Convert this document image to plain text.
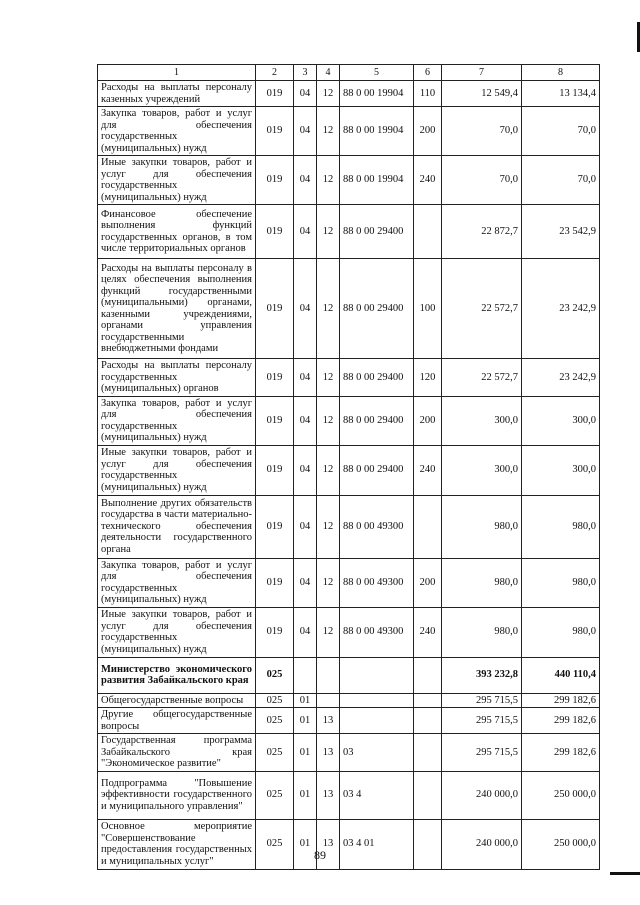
1	2	3	4	5	6	7	8
Расходы на выплаты персоналу казенных учреждений	019	04	12	88 0 00 19904	110	12 549,4	13 134,4
Закупка товаров, работ и услуг для обеспечения государственных (муниципальных) нужд	019	04	12	88 0 00 19904	200	70,0	70,0
Иные закупки товаров, работ и услуг для обеспечения государственных (муниципальных) нужд	019	04	12	88 0 00 19904	240	70,0	70,0
Финансовое обеспечение выполнения функций государственных органов, в том числе территориальных органов	019	04	12	88 0 00 29400		22 872,7	23 542,9
Расходы на выплаты персоналу в целях обеспечения выполнения функций государственными (муниципальными) органами, казенными учреждениями, органами управления государственными внебюджетными фондами	019	04	12	88 0 00 29400	100	22 572,7	23 242,9
Расходы на выплаты персоналу государственных (муниципальных) органов	019	04	12	88 0 00 29400	120	22 572,7	23 242,9
Закупка товаров, работ и услуг для обеспечения государственных (муниципальных) нужд	019	04	12	88 0 00 29400	200	300,0	300,0
Иные закупки товаров, работ и услуг для обеспечения государственных (муниципальных) нужд	019	04	12	88 0 00 29400	240	300,0	300,0
Выполнение других обязательств государства в части материально-технического обеспечения деятельности государственного органа	019	04	12	88 0 00 49300		980,0	980,0
Закупка товаров, работ и услуг для обеспечения государственных (муниципальных) нужд	019	04	12	88 0 00 49300	200	980,0	980,0
Иные закупки товаров, работ и услуг для обеспечения государственных (муниципальных) нужд	019	04	12	88 0 00 49300	240	980,0	980,0
Министерство экономического развития Забайкальского края	025					393 232,8	440 110,4
Общегосударственные вопросы	025	01				295 715,5	299 182,6
Другие общегосударственные вопросы	025	01	13			295 715,5	299 182,6
Государственная программа Забайкальского края "Экономическое развитие"	025	01	13	03		295 715,5	299 182,6
Подпрограмма "Повышение эффективности государственного и муниципального управления"	025	01	13	03 4		240 000,0	250 000,0
Основное мероприятие "Совершенствование предоставления государственных и муниципальных услуг"	025	01	13	03 4 01		240 000,0	250 000,0
89
